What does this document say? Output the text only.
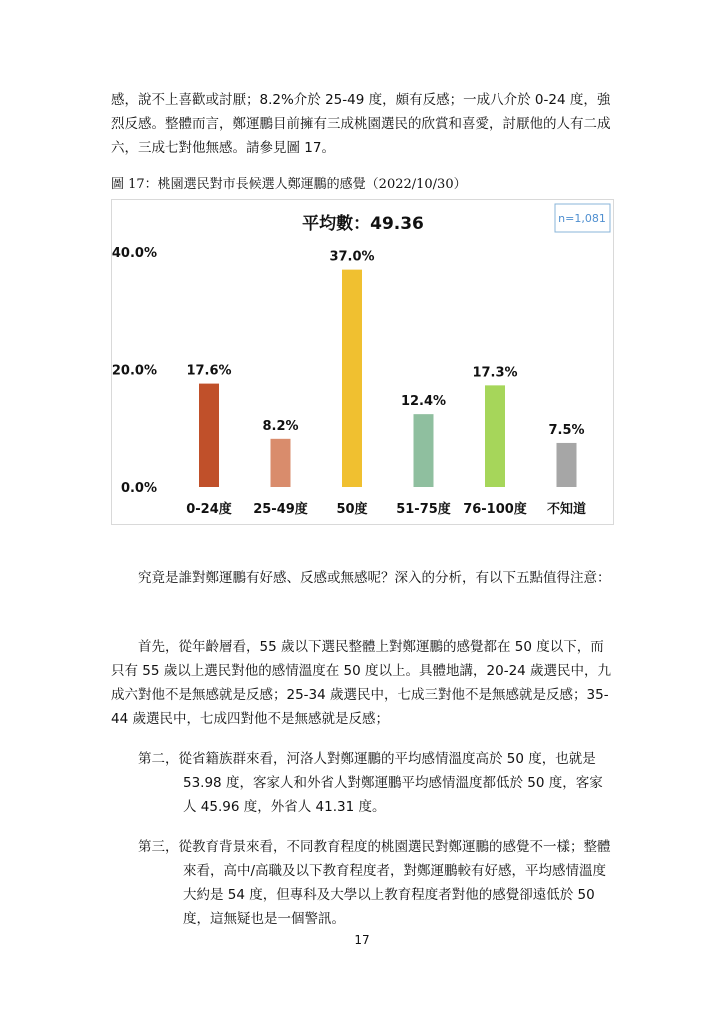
感，說不上喜歡或討厭；8.2%介於 25-49 度，頗有反感；一成八介於 0-24 度，強烈反感。整體而言，鄭運鵬目前擁有三成桃園選民的欣賞和喜愛，討厭他的人有二成六，三成七對他無感。請參見圖 17。

圖 17：桃園選民對市長候選人鄭運鵬的感覺（2022/10/30）

平均數：49.36	n=1,081
0.0%
20.0%
40.0%
17.6%
8.2%
37.0%
12.4%
17.3%
7.5%
0-24度 25-49度 50度 51-75度 76-100度 不知道

究竟是誰對鄭運鵬有好感、反感或無感呢？深入的分析，有以下五點值得注意：

首先，從年齡層看，55 歲以下選民整體上對鄭運鵬的感覺都在 50 度以下，而只有 55 歲以上選民對他的感情溫度在 50 度以上。具體地講，20-24 歲選民中，九成六對他不是無感就是反感；25-34 歲選民中，七成三對他不是無感就是反感；35-44 歲選民中，七成四對他不是無感就是反感；

第二，從省籍族群來看，河洛人對鄭運鵬的平均感情溫度高於 50 度，也就是 53.98 度，客家人和外省人對鄭運鵬平均感情溫度都低於 50 度，客家人 45.96 度，外省人 41.31 度。

第三，從教育背景來看，不同教育程度的桃園選民對鄭運鵬的感覺不一樣；整體來看，高中/高職及以下教育程度者，對鄭運鵬較有好感，平均感情溫度大約是 54 度，但專科及大學以上教育程度者對他的感覺卻遠低於 50 度，這無疑也是一個警訊。

17
